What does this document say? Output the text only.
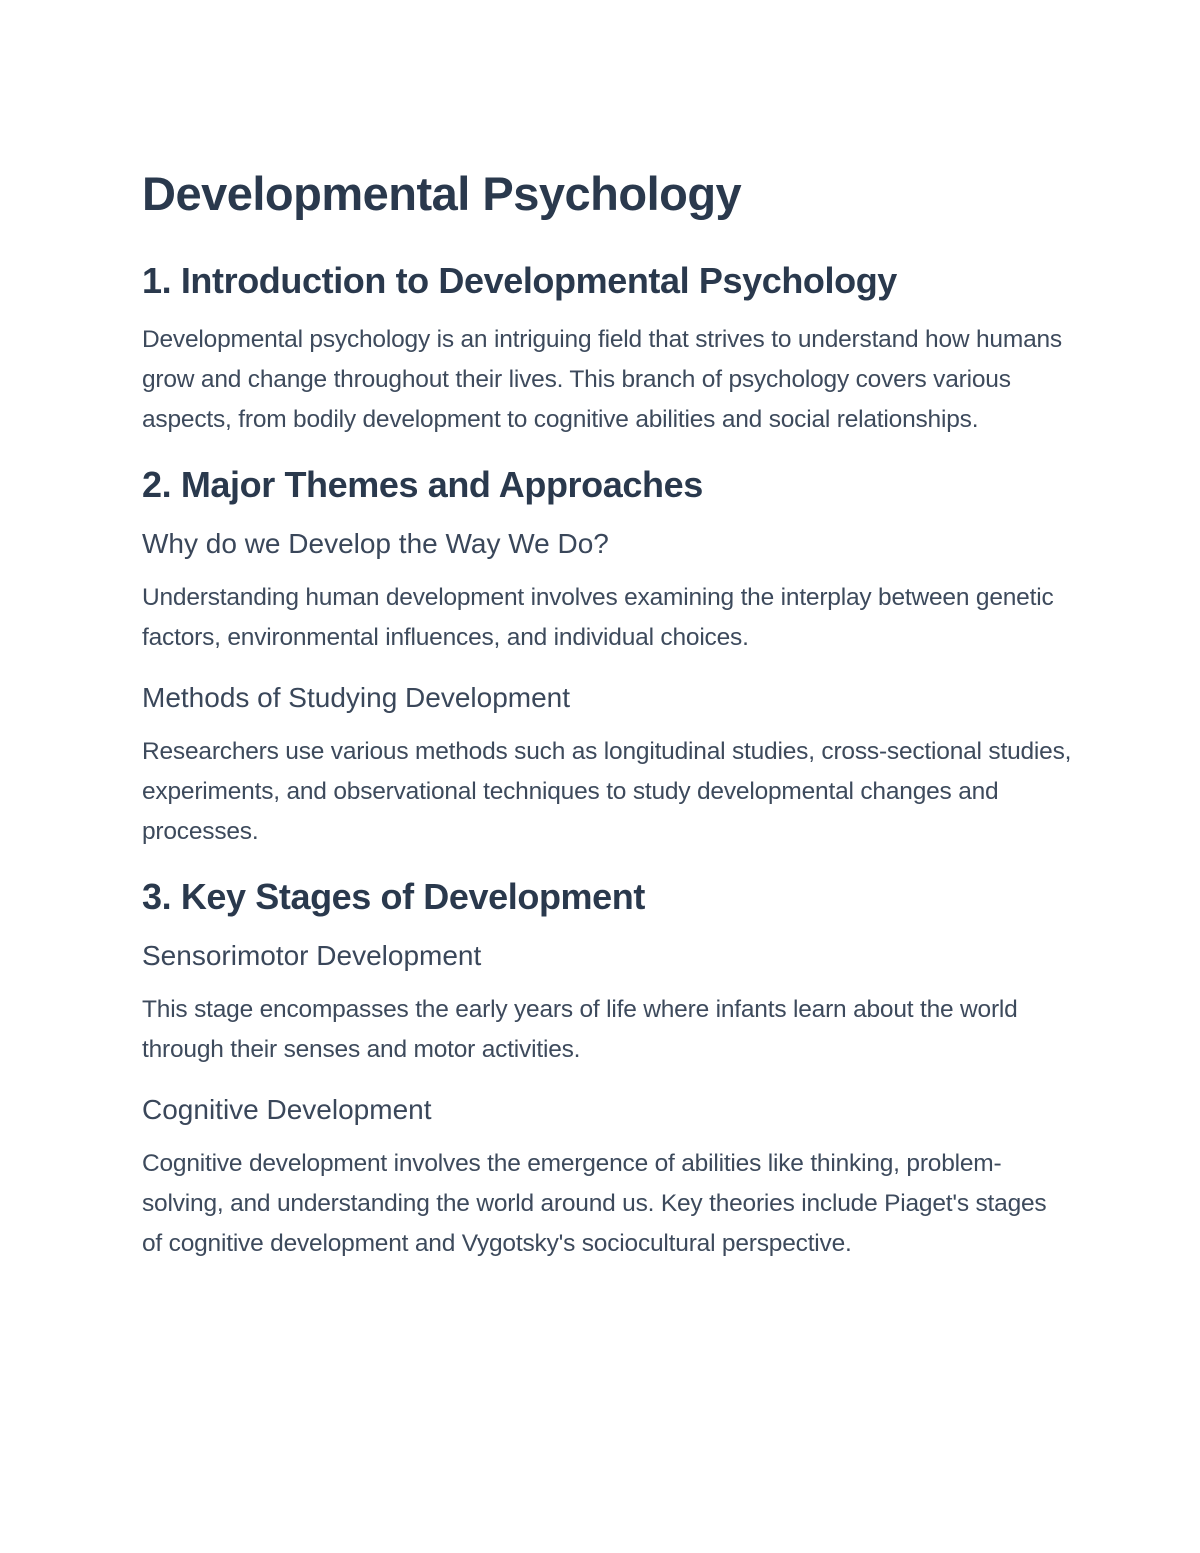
Developmental Psychology
1. Introduction to Developmental Psychology

Developmental psychology is an intriguing field that strives to understand how humans grow and change throughout their lives. This branch of psychology covers various aspects, from bodily development to cognitive abilities and social relationships.

2. Major Themes and Approaches
Why do we Develop the Way We Do?

Understanding human development involves examining the interplay between genetic factors, environmental influences, and individual choices.

Methods of Studying Development

Researchers use various methods such as longitudinal studies, cross-sectional studies, experiments, and observational techniques to study developmental changes and processes.

3. Key Stages of Development
Sensorimotor Development

This stage encompasses the early years of life where infants learn about the world through their senses and motor activities.

Cognitive Development

Cognitive development involves the emergence of abilities like thinking, problem-solving, and understanding the world around us. Key theories include Piaget's stages of cognitive development and Vygotsky's sociocultural perspective.
